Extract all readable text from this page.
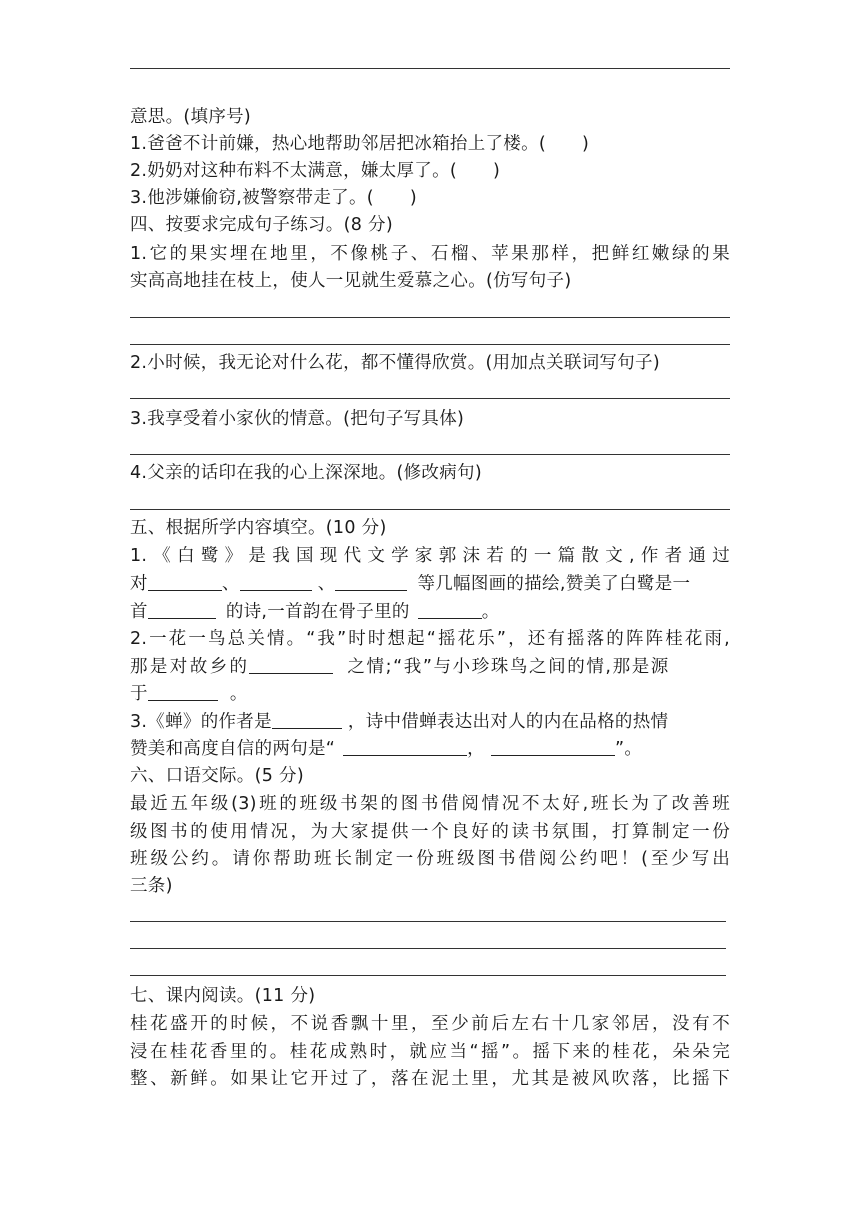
意思。(填序号)
1.爸爸不计前嫌，热心地帮助邻居把冰箱抬上了楼。( )
2.奶奶对这种布料不太满意，嫌太厚了。( )
3.他涉嫌偷窃,被警察带走了。( )
四、按要求完成句子练习。(8 分)
1.它的果实埋在地里，不像桃子、石榴、苹果那样，把鲜红嫩绿的果
实高高地挂在枝上，使人一见就生爱慕之心。(仿写句子)
2.小时候，我无论对什么花，都不懂得欣赏。(用加点关联词写句子)
3.我享受着小家伙的情意。(把句子写具体)
4.父亲的话印在我的心上深深地。(修改病句)
五、根据所学内容填空。(10 分)
1.《白鹭》是我国现代文学家郭沫若的一篇散文,作者通过
对	、	、	等几幅图画的描绘,赞美了白鹭是一
首	的诗,一首韵在骨子里的	。
2.一花一鸟总关情。“我”时时想起“摇花乐”，还有摇落的阵阵桂花雨,
那是对故乡的	之情;“我”与小珍珠鸟之间的情,那是源
于	。
3.《蝉》的作者是	，诗中借蝉表达出对人的内在品格的热情
赞美和高度自信的两句是“	，	”。
六、口语交际。(5 分)
最近五年级(3)班的班级书架的图书借阅情况不太好,班长为了改善班
级图书的使用情况，为大家提供一个良好的读书氛围，打算制定一份
班级公约。请你帮助班长制定一份班级图书借阅公约吧！(至少写出
三条)
七、课内阅读。(11 分)
桂花盛开的时候，不说香飘十里，至少前后左右十几家邻居，没有不
浸在桂花香里的。桂花成熟时，就应当“摇”。摇下来的桂花，朵朵完
整、新鲜。如果让它开过了，落在泥土里，尤其是被风吹落，比摇下
